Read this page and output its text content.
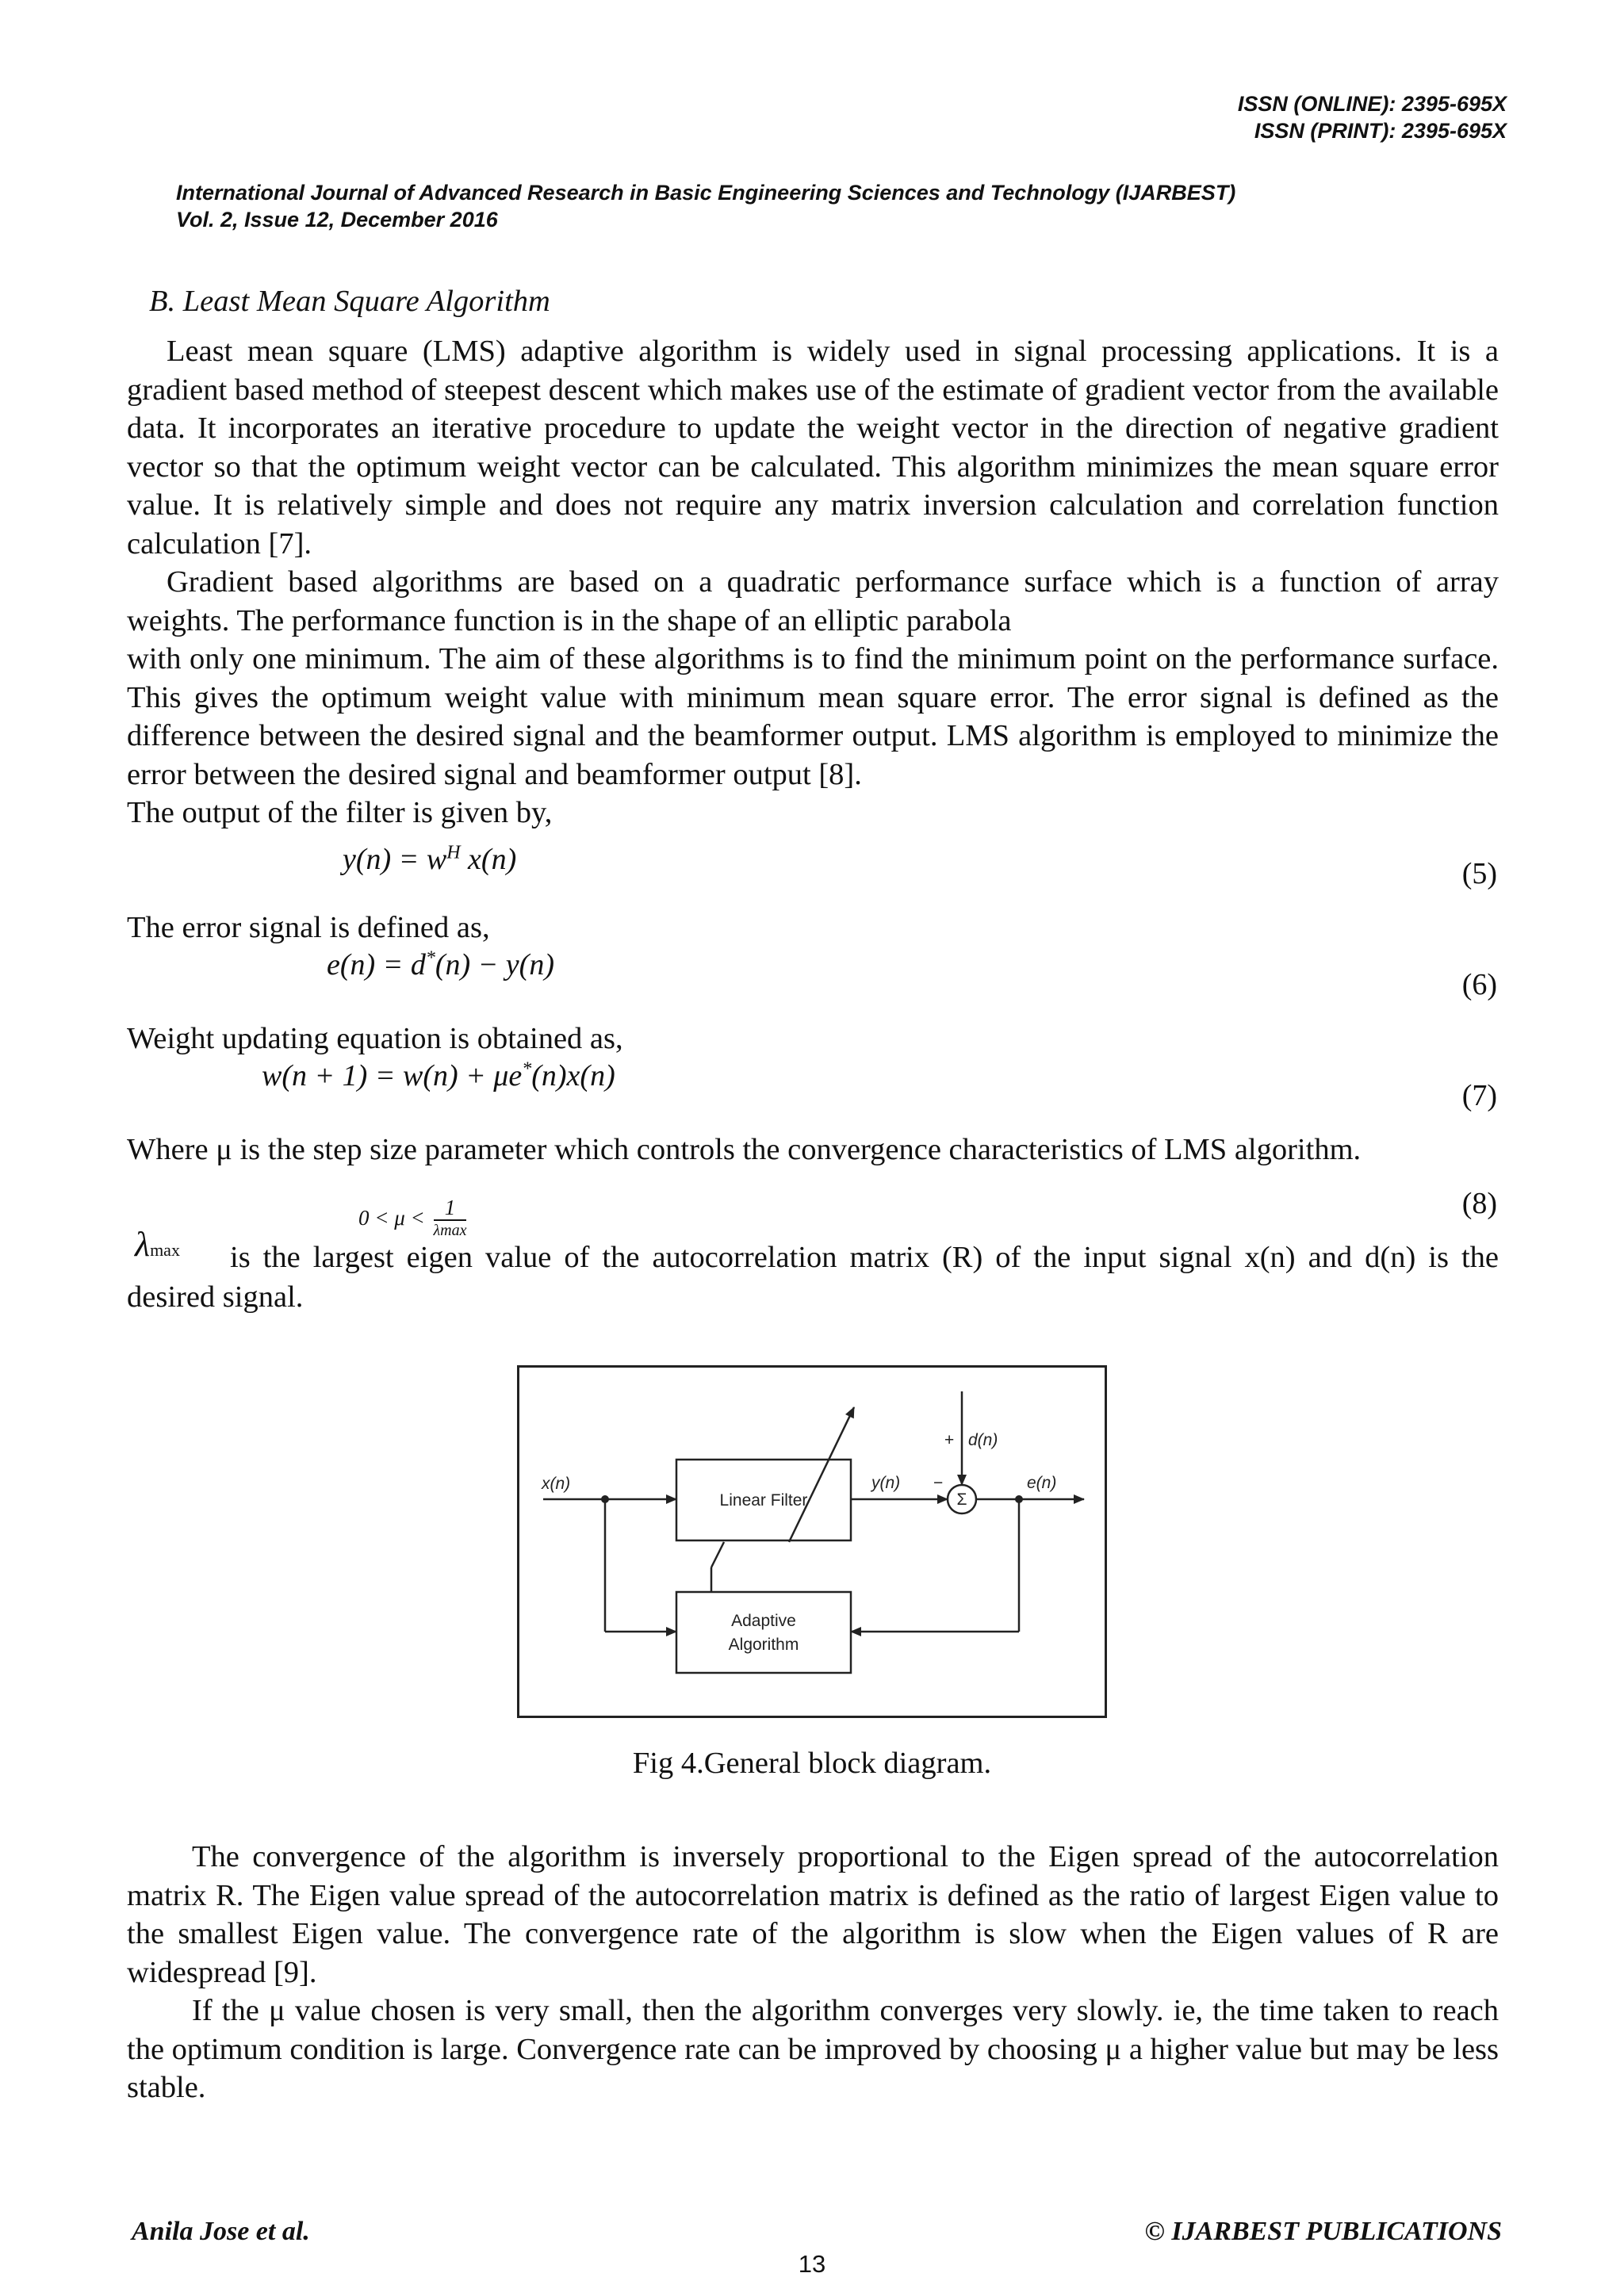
ISSN (ONLINE): 2395-695X
ISSN (PRINT): 2395-695X
International Journal of Advanced Research in Basic Engineering Sciences and Technology (IJARBEST)
Vol. 2, Issue 12, December 2016
B. Least Mean Square Algorithm

Least mean square (LMS) adaptive algorithm is widely used in signal processing applications. It is a gradient based method of steepest descent which makes use of the estimate of gradient vector from the available data. It incorporates an iterative procedure to update the weight vector in the direction of negative gradient vector so that the optimum weight vector can be calculated. This algorithm minimizes the mean square error value. It is relatively simple and does not require any matrix inversion calculation and correlation function calculation [7].

Gradient based algorithms are based on a quadratic performance surface which is a function of array weights. The performance function is in the shape of an elliptic parabola

with only one minimum. The aim of these algorithms is to find the minimum point on the performance surface. This gives the optimum weight value with minimum mean square error. The error signal is defined as the difference between the desired signal and the beamformer output. LMS algorithm is employed to minimize the error between the desired signal and beamformer output [8].

The output of the filter is given by,

$y(n) = w^H$ x(n)	(5)
The error signal is defined as,
e(n) = d*(n) − y(n)
(6)
Weight updating equation is obtained as,
w(n + 1) = w(n) + μe*(n)x(n)
(7)
Where μ is the step size parameter which controls the convergence characteristics of LMS algorithm.
0 < μ < 1
λmax
(8)
λmax is the largest eigen value of the autocorrelation matrix (R) of the input signal x(n) and d(n) is the
desired signal.
x(n)
Linear Filter
y(n) −
Σ
+ d(n)
e(n)
Adaptive
Algorithm
Fig 4.General block diagram.

The convergence of the algorithm is inversely proportional to the Eigen spread of the autocorrelation matrix R. The Eigen value spread of the autocorrelation matrix is defined as the ratio of largest Eigen value to the smallest Eigen value. The convergence rate of the algorithm is slow when the Eigen values of R are widespread [9].

If the μ value chosen is very small, then the algorithm converges very slowly. ie, the time taken to reach the optimum condition is large. Convergence rate can be improved by choosing μ a higher value but may be less stable.

Anila Jose et al.	© IJARBEST PUBLICATIONS
13
